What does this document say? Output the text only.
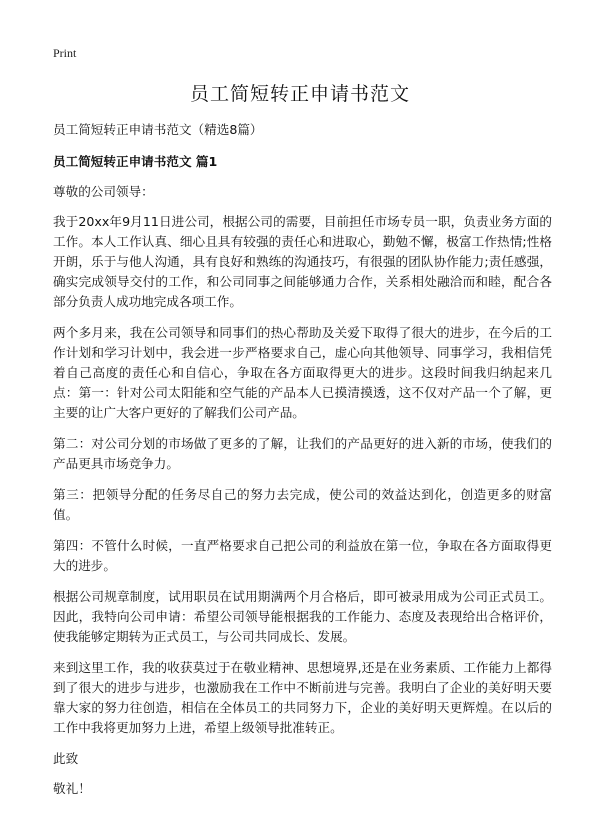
Print
员工简短转正申请书范文

员工简短转正申请书范文（精选8篇）

员工简短转正申请书范文 篇1

尊敬的公司领导：

我于20xx年9月11日进公司，根据公司的需要，目前担任市场专员一职，负责业务方面的工作。本人工作认真、细心且具有较强的责任心和进取心，勤勉不懈，极富工作热情;性格开朗，乐于与他人沟通，具有良好和熟练的沟通技巧，有很强的团队协作能力;责任感强，确实完成领导交付的工作，和公司同事之间能够通力合作，关系相处融洽而和睦，配合各部分负责人成功地完成各项工作。

两个多月来，我在公司领导和同事们的热心帮助及关爱下取得了很大的进步，在今后的工作计划和学习计划中，我会进一步严格要求自己，虚心向其他领导、同事学习，我相信凭着自己高度的责任心和自信心，争取在各方面取得更大的进步。这段时间我归纳起来几点：第一：针对公司太阳能和空气能的产品本人已摸清摸透，这不仅对产品一个了解，更主要的让广大客户更好的了解我们公司产品。

第二：对公司分划的市场做了更多的了解，让我们的产品更好的进入新的市场，使我们的产品更具市场竞争力。

第三：把领导分配的任务尽自己的努力去完成，使公司的效益达到化，创造更多的财富值。

第四：不管什么时候，一直严格要求自己把公司的利益放在第一位，争取在各方面取得更大的进步。

根据公司规章制度，试用职员在试用期满两个月合格后，即可被录用成为公司正式员工。因此，我特向公司申请：希望公司领导能根据我的工作能力、态度及表现给出合格评价，使我能够定期转为正式员工，与公司共同成长、发展。

来到这里工作，我的收获莫过于在敬业精神、思想境界,还是在业务素质、工作能力上都得到了很大的进步与进步，也激励我在工作中不断前进与完善。我明白了企业的美好明天要靠大家的努力往创造，相信在全体员工的共同努力下，企业的美好明天更辉煌。在以后的工作中我将更加努力上进，希望上级领导批准转正。

此致

敬礼！
